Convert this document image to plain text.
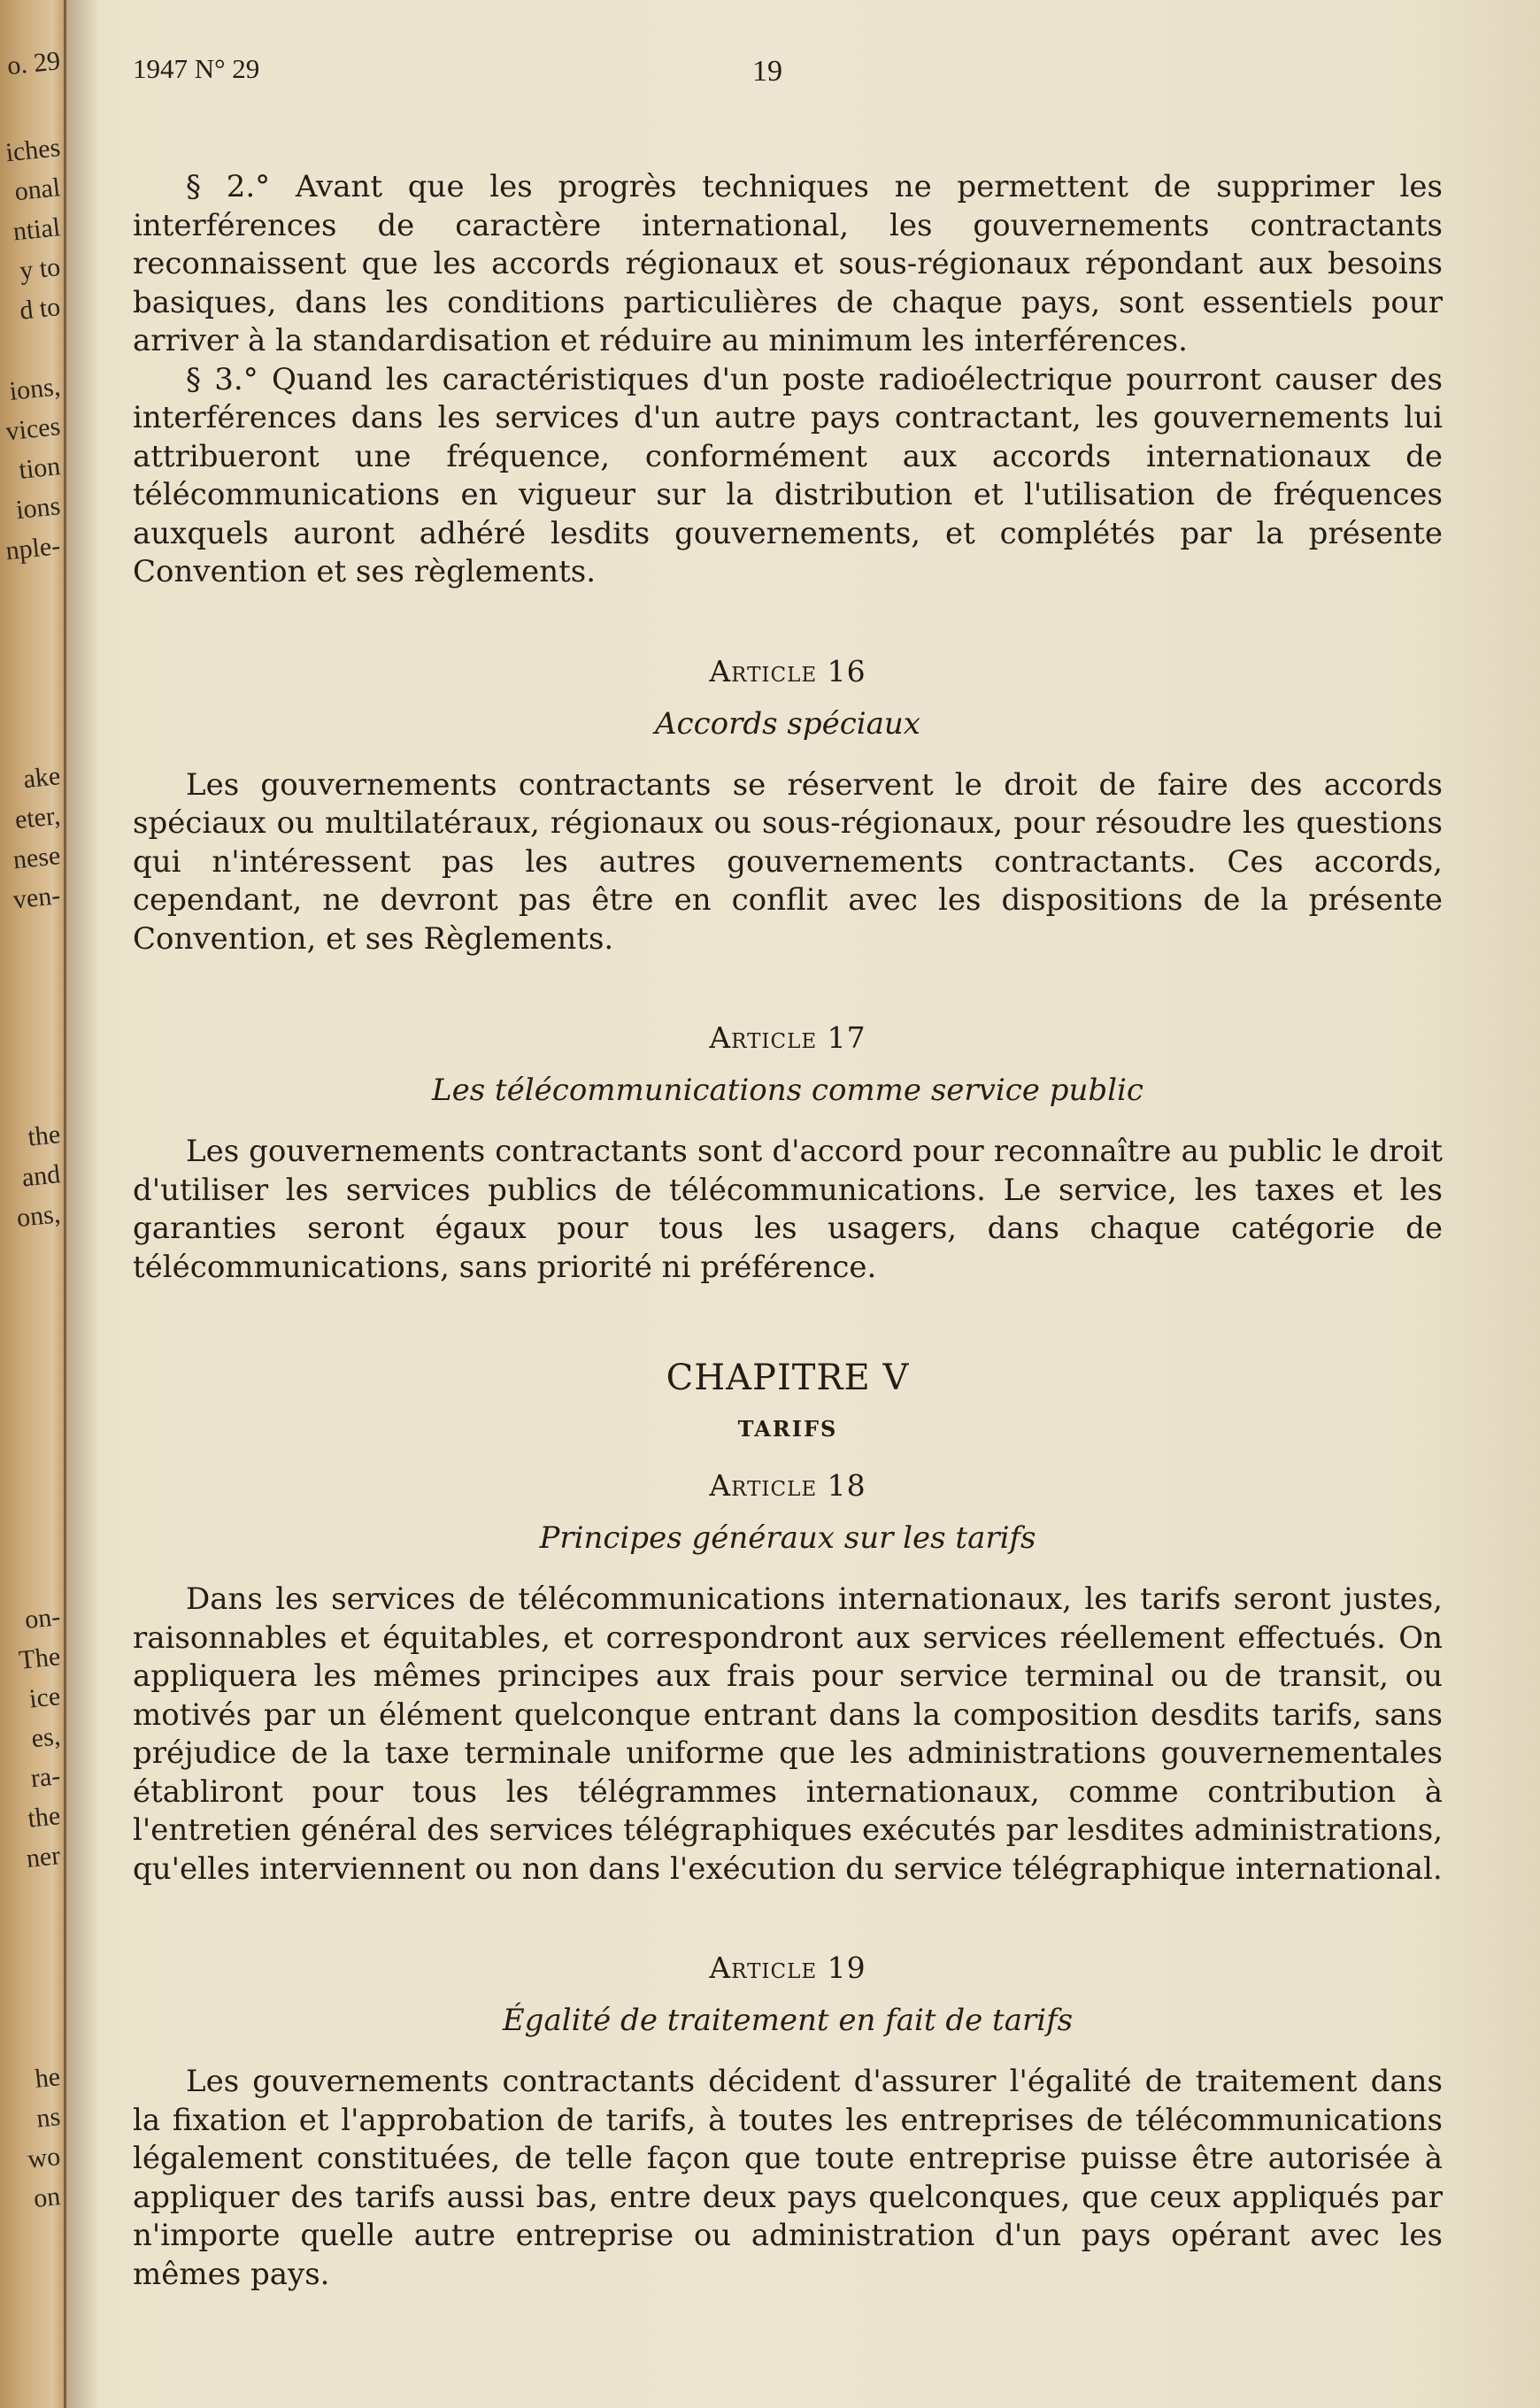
o. 29
iches
onal
ntial
y to
d to
ions,
vices
tion
ions
nple-
ake
eter,
nese
ven-
the
and
ons,
on-
The
ice
es,
ra-
the
ner
he
ns
wo
on
1947 N° 29	19

§ 2.° Avant que les progrès techniques ne permettent de supprimer les interférences de caractère international, les gouvernements contractants reconnaissent que les accords régionaux et sous-régionaux répondant aux besoins basiques, dans les conditions particulières de chaque pays, sont essentiels pour arriver à la standardisation et réduire au minimum les interférences.

§ 3.° Quand les caractéristiques d'un poste radioélectrique pourront causer des interférences dans les services d'un autre pays contractant, les gouvernements lui attribueront une fréquence, conformément aux accords internationaux de télécommunications en vigueur sur la distribution et l'utilisation de fréquences auxquels auront adhéré lesdits gouvernements, et complétés par la présente Convention et ses règlements.

Article 16
Accords spéciaux

Les gouvernements contractants se réservent le droit de faire des accords spéciaux ou multilatéraux, régionaux ou sous-régionaux, pour résoudre les questions qui n'intéressent pas les autres gouvernements contractants. Ces accords, cependant, ne devront pas être en conflit avec les dispositions de la présente Convention, et ses Règlements.

Article 17
Les télécommunications comme service public

Les gouvernements contractants sont d'accord pour reconnaître au public le droit d'utiliser les services publics de télécommunications. Le service, les taxes et les garanties seront égaux pour tous les usagers, dans chaque catégorie de télécommunications, sans priorité ni préférence.

CHAPITRE V
TARIFS
Article 18
Principes généraux sur les tarifs

Dans les services de télécommunications internationaux, les tarifs seront justes, raisonnables et équitables, et correspondront aux services réellement effectués. On appliquera les mêmes principes aux frais pour service terminal ou de transit, ou motivés par un élément quelconque entrant dans la composition desdits tarifs, sans préjudice de la taxe terminale uniforme que les administrations gouvernementales établiront pour tous les télégrammes internationaux, comme contribution à l'entretien général des services télégraphiques exécutés par lesdites administrations, qu'elles interviennent ou non dans l'exécution du service télégraphique international.

Article 19
Égalité de traitement en fait de tarifs

Les gouvernements contractants décident d'assurer l'égalité de traitement dans la fixation et l'approbation de tarifs, à toutes les entreprises de télécommunications légalement constituées, de telle façon que toute entreprise puisse être autorisée à appliquer des tarifs aussi bas, entre deux pays quelconques, que ceux appliqués par n'importe quelle autre entreprise ou administration d'un pays opérant avec les mêmes pays.
